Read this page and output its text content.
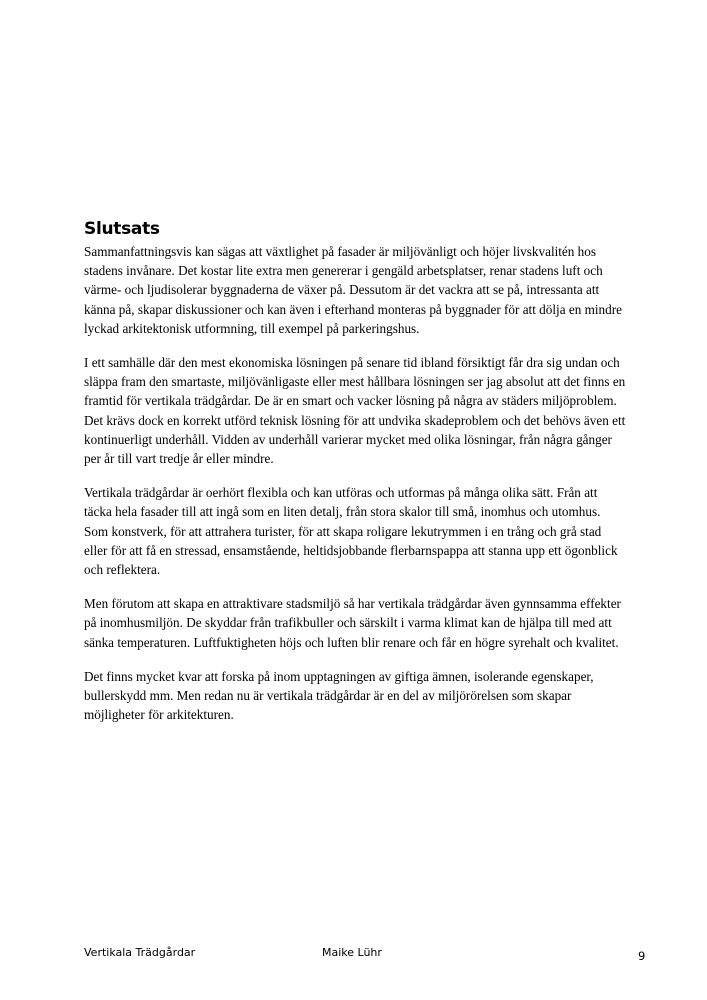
Slutsats

Sammanfattningsvis kan sägas att växtlighet på fasader är miljövänligt och höjer livskvalitén hos
stadens invånare. Det kostar lite extra men genererar i gengäld arbetsplatser, renar stadens luft och
värme- och ljudisolerar byggnaderna de växer på. Dessutom är det vackra att se på, intressanta att
känna på, skapar diskussioner och kan även i efterhand monteras på byggnader för att dölja en mindre
lyckad arkitektonisk utformning, till exempel på parkeringshus.

I ett samhälle där den mest ekonomiska lösningen på senare tid ibland försiktigt får dra sig undan och
släppa fram den smartaste, miljövänligaste eller mest hållbara lösningen ser jag absolut att det finns en
framtid för vertikala trädgårdar. De är en smart och vacker lösning på några av städers miljöproblem.
Det krävs dock en korrekt utförd teknisk lösning för att undvika skadeproblem och det behövs även ett
kontinuerligt underhåll. Vidden av underhåll varierar mycket med olika lösningar, från några gånger
per år till vart tredje år eller mindre.

Vertikala trädgårdar är oerhört flexibla och kan utföras och utformas på många olika sätt. Från att
täcka hela fasader till att ingå som en liten detalj, från stora skalor till små, inomhus och utomhus.
Som konstverk, för att attrahera turister, för att skapa roligare lekutrymmen i en trång och grå stad
eller för att få en stressad, ensamstående, heltidsjobbande flerbarnspappa att stanna upp ett ögonblick
och reflektera.

Men förutom att skapa en attraktivare stadsmiljö så har vertikala trädgårdar även gynnsamma effekter
på inomhusmiljön. De skyddar från trafikbuller och särskilt i varma klimat kan de hjälpa till med att
sänka temperaturen. Luftfuktigheten höjs och luften blir renare och får en högre syrehalt och kvalitet.

Det finns mycket kvar att forska på inom upptagningen av giftiga ämnen, isolerande egenskaper,
bullerskydd mm. Men redan nu är vertikala trädgårdar är en del av miljörörelsen som skapar
möjligheter för arkitekturen.

Vertikala Trädgårdar	Maike Lühr	9
